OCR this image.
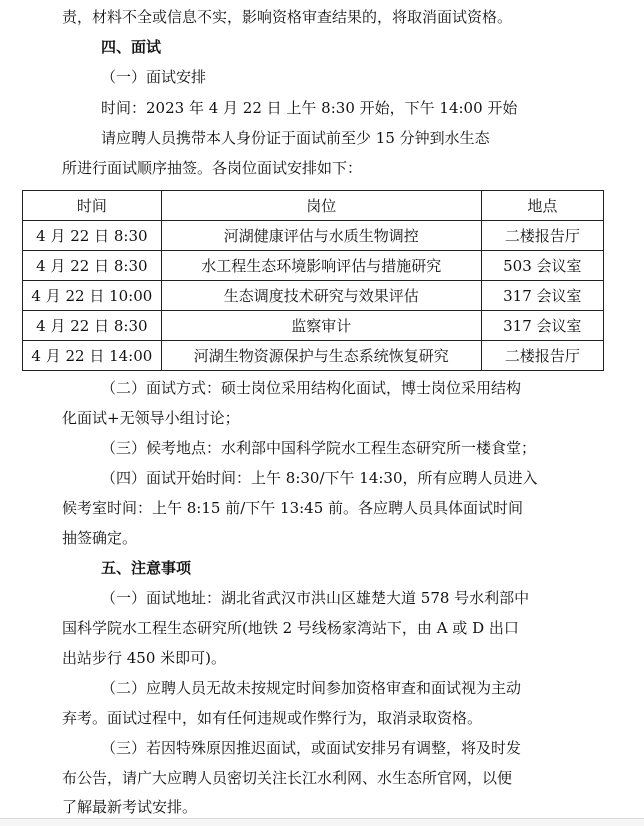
责，材料不全或信息不实，影响资格审查结果的，将取消面试资格。
四、面试
（一）面试安排
时间：2023 年 4 月 22 日 上午 8:30 开始，下午 14:00 开始
请应聘人员携带本人身份证于面试前至少 15 分钟到水生态
所进行面试顺序抽签。各岗位面试安排如下：
时间	岗位	地点
4 月 22 日 8:30	河湖健康评估与水质生物调控	二楼报告厅
4 月 22 日 8:30	水工程生态环境影响评估与措施研究	503 会议室
4 月 22 日 10:00	生态调度技术研究与效果评估	317 会议室
4 月 22 日 8:30	监察审计	317 会议室
4 月 22 日 14:00	河湖生物资源保护与生态系统恢复研究	二楼报告厅
（二）面试方式：硕士岗位采用结构化面试，博士岗位采用结构
化面试+无领导小组讨论；
（三）候考地点：水利部中国科学院水工程生态研究所一楼食堂；
（四）面试开始时间：上午 8:30/下午 14:30，所有应聘人员进入
候考室时间：上午 8:15 前/下午 13:45 前。各应聘人员具体面试时间
抽签确定。
五、注意事项
（一）面试地址：湖北省武汉市洪山区雄楚大道 578 号水利部中
国科学院水工程生态研究所(地铁 2 号线杨家湾站下，由 A 或 D 出口
出站步行 450 米即可)。
（二）应聘人员无故未按规定时间参加资格审查和面试视为主动
弃考。面试过程中，如有任何违规或作弊行为，取消录取资格。
（三）若因特殊原因推迟面试，或面试安排另有调整，将及时发
布公告，请广大应聘人员密切关注长江水利网、水生态所官网，以便
了解最新考试安排。
